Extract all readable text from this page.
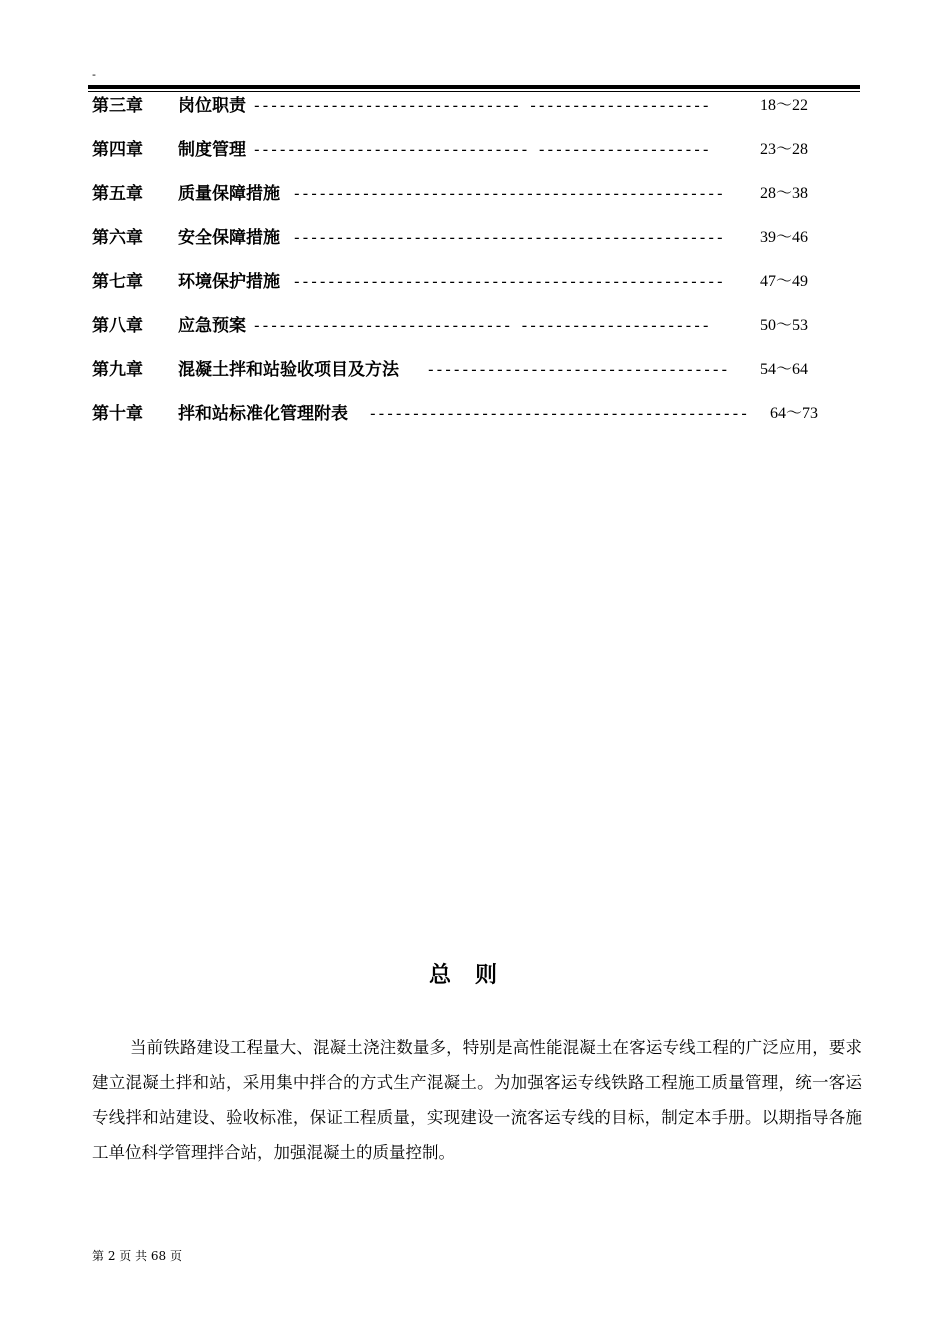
-
第三章 岗位职责 ------------------------------- ---------------------	18～22
第四章 制度管理 -------------------------------- --------------------	23～28
第五章 质量保障措施 --------------------------------------------------	28～38
第六章 安全保障措施 --------------------------------------------------	39～46
第七章 环境保护措施 --------------------------------------------------	47～49
第八章 应急预案 ------------------------------ ----------------------	50～53
第九章 混凝土拌和站验收项目及方法 -----------------------------------	54～64
第十章 拌和站标准化管理附表 --------------------------------------------	64～73
总则

当前铁路建设工程量大、混凝土浇注数量多，特别是高性能混凝土在客运专线工程的广泛应用，要求建立混凝土拌和站，采用集中拌合的方式生产混凝土。为加强客运专线铁路工程施工质量管理，统一客运专线拌和站建设、验收标准，保证工程质量，实现建设一流客运专线的目标，制定本手册。以期指导各施工单位科学管理拌合站，加强混凝土的质量控制。

第 2 页 共 68 页
